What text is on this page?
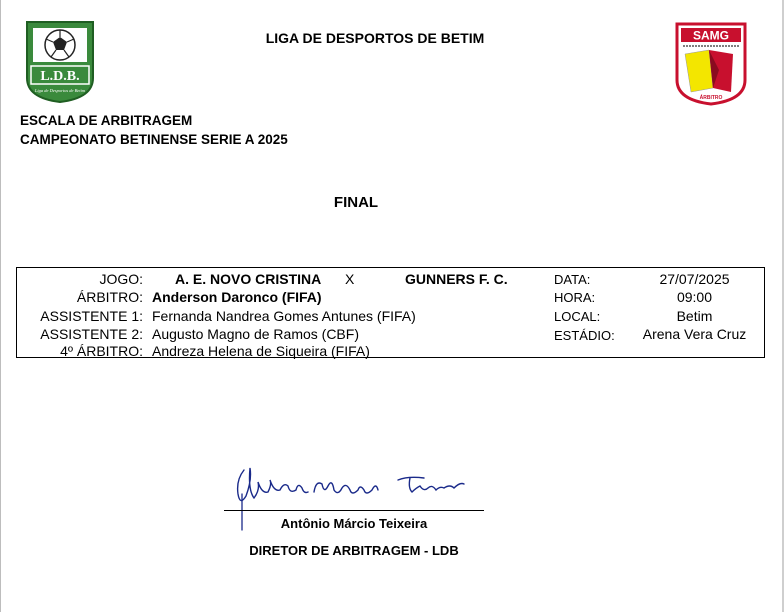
L.D.B.
Liga de Desportos de Betim
LIGA DE DESPORTOS DE BETIM	SAMG
ÁRBITRO
ESCALA DE ARBITRAGEM
CAMPEONATO BETINENSE SERIE A 2025
FINAL
JOGO:
ÁRBITRO:
ASSISTENTE 1:
ASSISTENTE 2:
4º ÁRBITRO:
A. E. NOVO CRISTINA X	GUNNERS F. C.
Anderson Daronco (FIFA)
Fernanda Nandrea Gomes Antunes (FIFA)
Augusto Magno de Ramos (CBF)
Andreza Helena de Siqueira (FIFA)
DATA:
HORA:
LOCAL:
ESTÁDIO:
27/07/2025
09:00
Betim
Arena Vera Cruz
Antônio Márcio Teixeira
DIRETOR DE ARBITRAGEM - LDB
